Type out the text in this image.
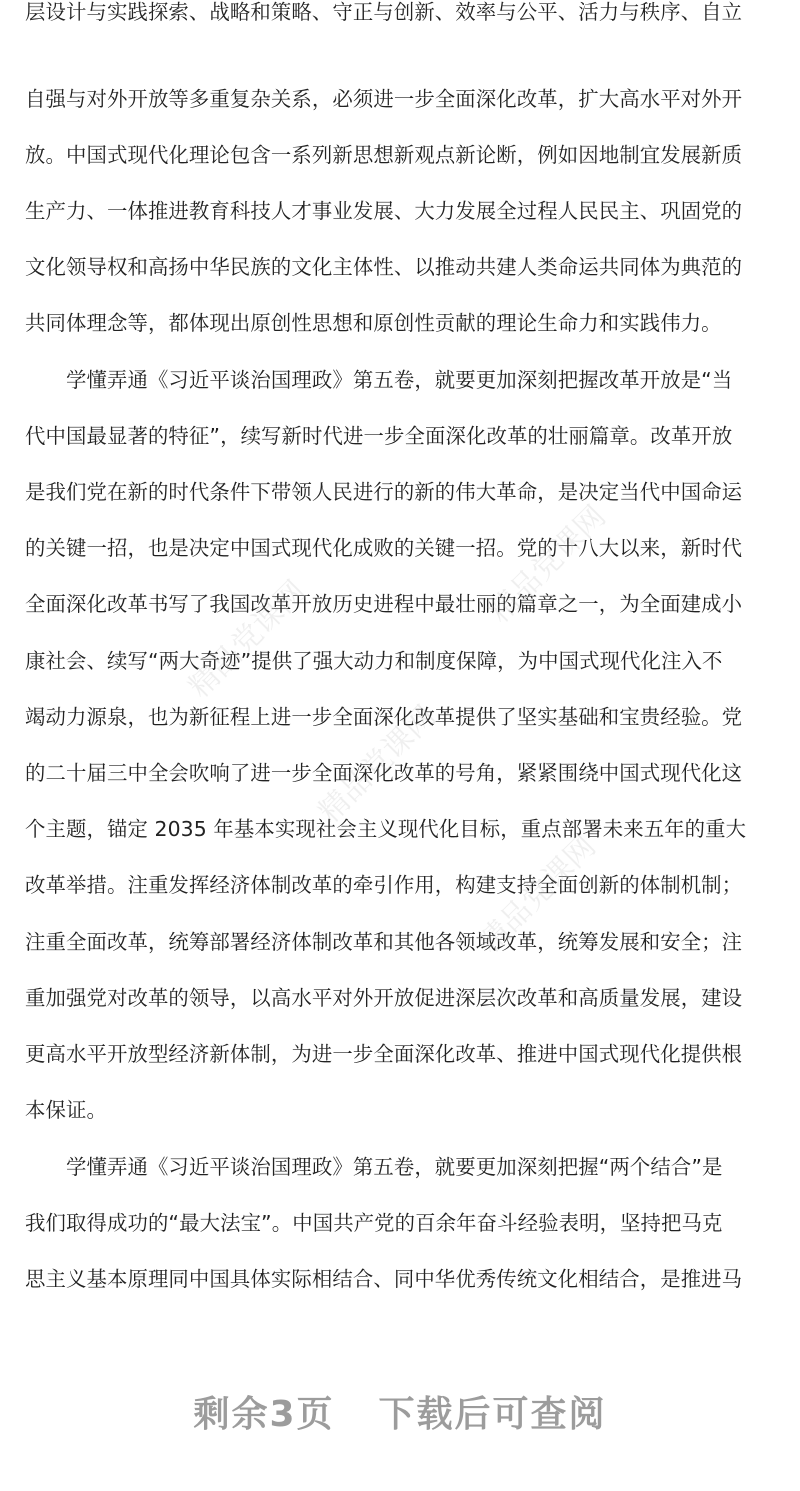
层设计与实践探索、战略和策略、守正与创新、效率与公平、活力与秩序、自立
自强与对外开放等多重复杂关系，必须进一步全面深化改革，扩大高水平对外开
放。中国式现代化理论包含一系列新思想新观点新论断，例如因地制宜发展新质
生产力、一体推进教育科技人才事业发展、大力发展全过程人民民主、巩固党的
文化领导权和高扬中华民族的文化主体性、以推动共建人类命运共同体为典范的
共同体理念等，都体现出原创性思想和原创性贡献的理论生命力和实践伟力。
　　学懂弄通《习近平谈治国理政》第五卷，就要更加深刻把握改革开放是“当
代中国最显著的特征”，续写新时代进一步全面深化改革的壮丽篇章。改革开放
是我们党在新的时代条件下带领人民进行的新的伟大革命，是决定当代中国命运
的关键一招，也是决定中国式现代化成败的关键一招。党的十八大以来，新时代
全面深化改革书写了我国改革开放历史进程中最壮丽的篇章之一，为全面建成小
康社会、续写“两大奇迹”提供了强大动力和制度保障，为中国式现代化注入不
竭动力源泉，也为新征程上进一步全面深化改革提供了坚实基础和宝贵经验。党
的二十届三中全会吹响了进一步全面深化改革的号角，紧紧围绕中国式现代化这
个主题，锚定 2035 年基本实现社会主义现代化目标，重点部署未来五年的重大
改革举措。注重发挥经济体制改革的牵引作用，构建支持全面创新的体制机制；
注重全面改革，统筹部署经济体制改革和其他各领域改革，统筹发展和安全；注
重加强党对改革的领导，以高水平对外开放促进深层次改革和高质量发展，建设
更高水平开放型经济新体制，为进一步全面深化改革、推进中国式现代化提供根
本保证。
　　学懂弄通《习近平谈治国理政》第五卷，就要更加深刻把握“两个结合”是
我们取得成功的“最大法宝”。中国共产党的百余年奋斗经验表明，坚持把马克
思主义基本原理同中国具体实际相结合、同中华优秀传统文化相结合，是推进马
精品党课网
精品党课网
精品党课网
精品党课网
剩余3页 下载后可查阅
